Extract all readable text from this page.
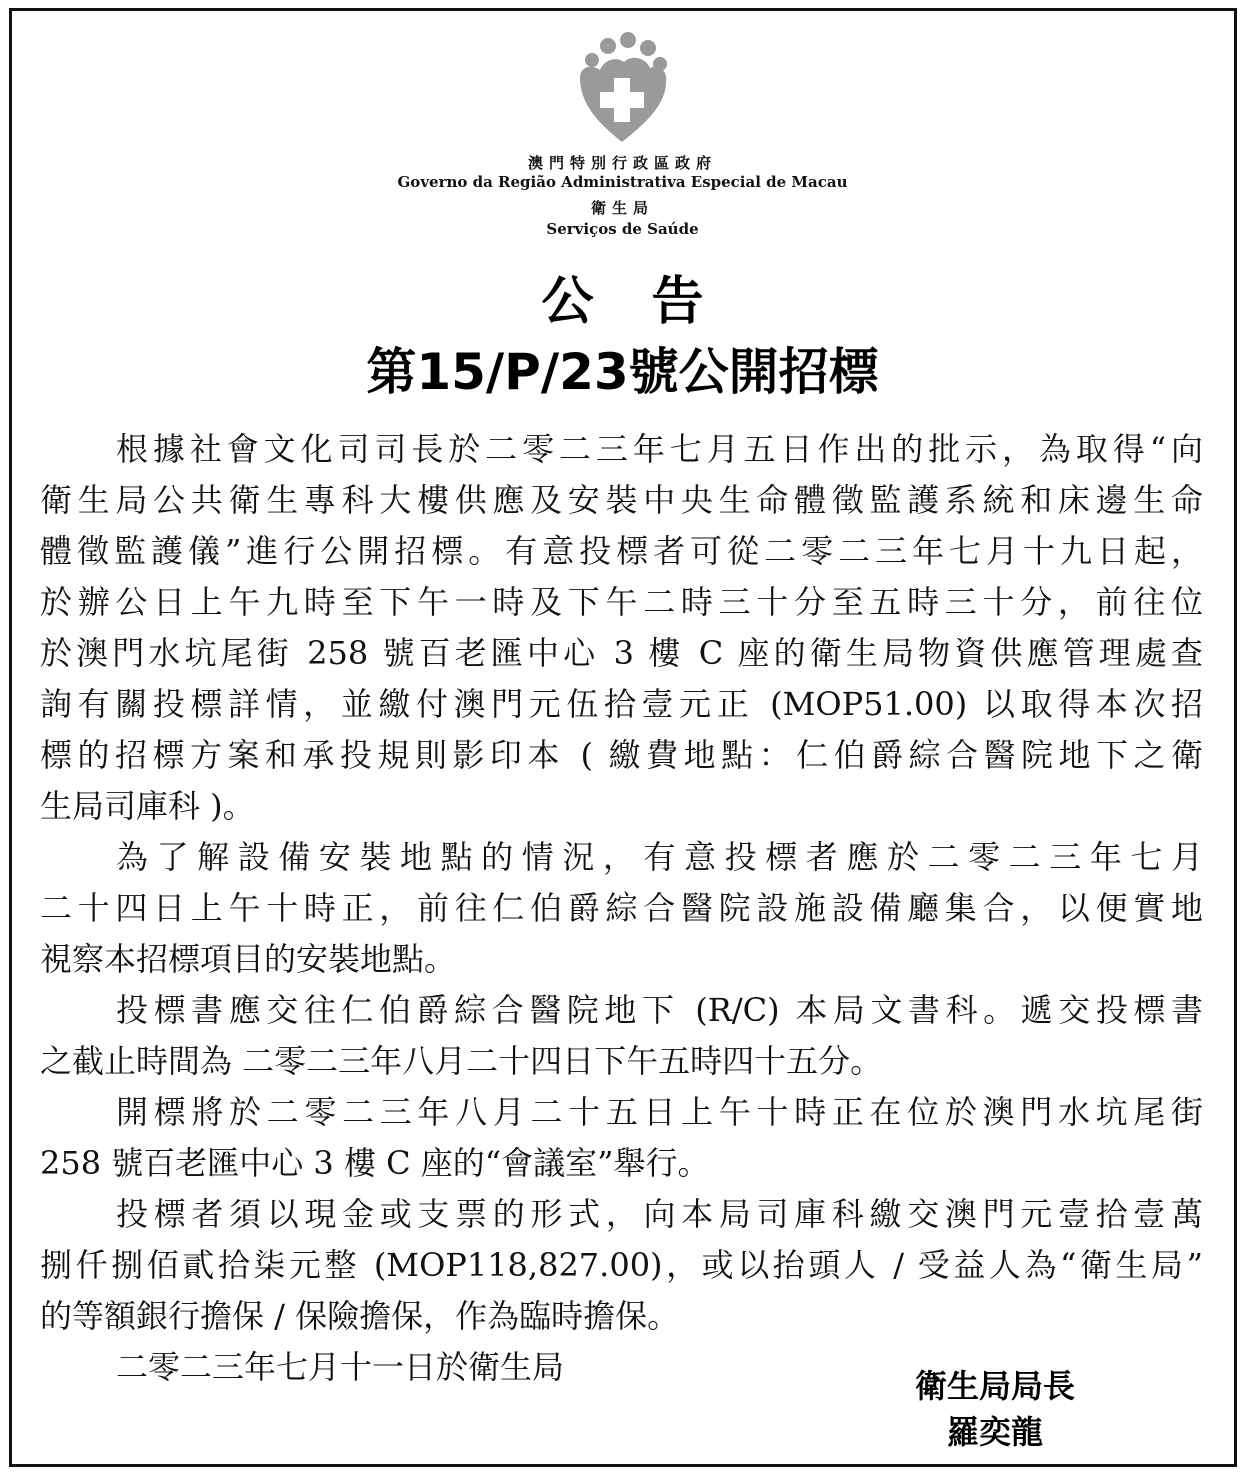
澳門特別行政區政府
Governo da Região Administrativa Especial de Macau
衛生局
Serviços de Saúde
公 告
第15/P/23號公開招標
根據社會文化司司長於二零二三年七月五日作出的批示，為取得“向
衛生局公共衛生專科大樓供應及安裝中央生命體徵監護系統和床邊生命
體徵監護儀”進行公開招標。有意投標者可從二零二三年七月十九日起，
於辦公日上午九時至下午一時及下午二時三十分至五時三十分，前往位
於澳門水坑尾街 258 號百老匯中心 3 樓 C 座的衛生局物資供應管理處查
詢有關投標詳情，並繳付澳門元伍拾壹元正 (MOP51.00) 以取得本次招
標的招標方案和承投規則影印本 ( 繳費地點：仁伯爵綜合醫院地下之衛
生局司庫科 )。
為了解設備安裝地點的情況，有意投標者應於二零二三年七月
二十四日上午十時正，前往仁伯爵綜合醫院設施設備廳集合，以便實地
視察本招標項目的安裝地點。
投標書應交往仁伯爵綜合醫院地下 (R/C) 本局文書科。遞交投標書
之截止時間為 二零二三年八月二十四日下午五時四十五分。
開標將於二零二三年八月二十五日上午十時正在位於澳門水坑尾街
258 號百老匯中心 3 樓 C 座的“會議室”舉行。
投標者須以現金或支票的形式，向本局司庫科繳交澳門元壹拾壹萬
捌仟捌佰貳拾柒元整 (MOP118,827.00)，或以抬頭人 / 受益人為“衛生局”
的等額銀行擔保 / 保險擔保，作為臨時擔保。
二零二三年七月十一日於衛生局	衛生局局長
羅奕龍
